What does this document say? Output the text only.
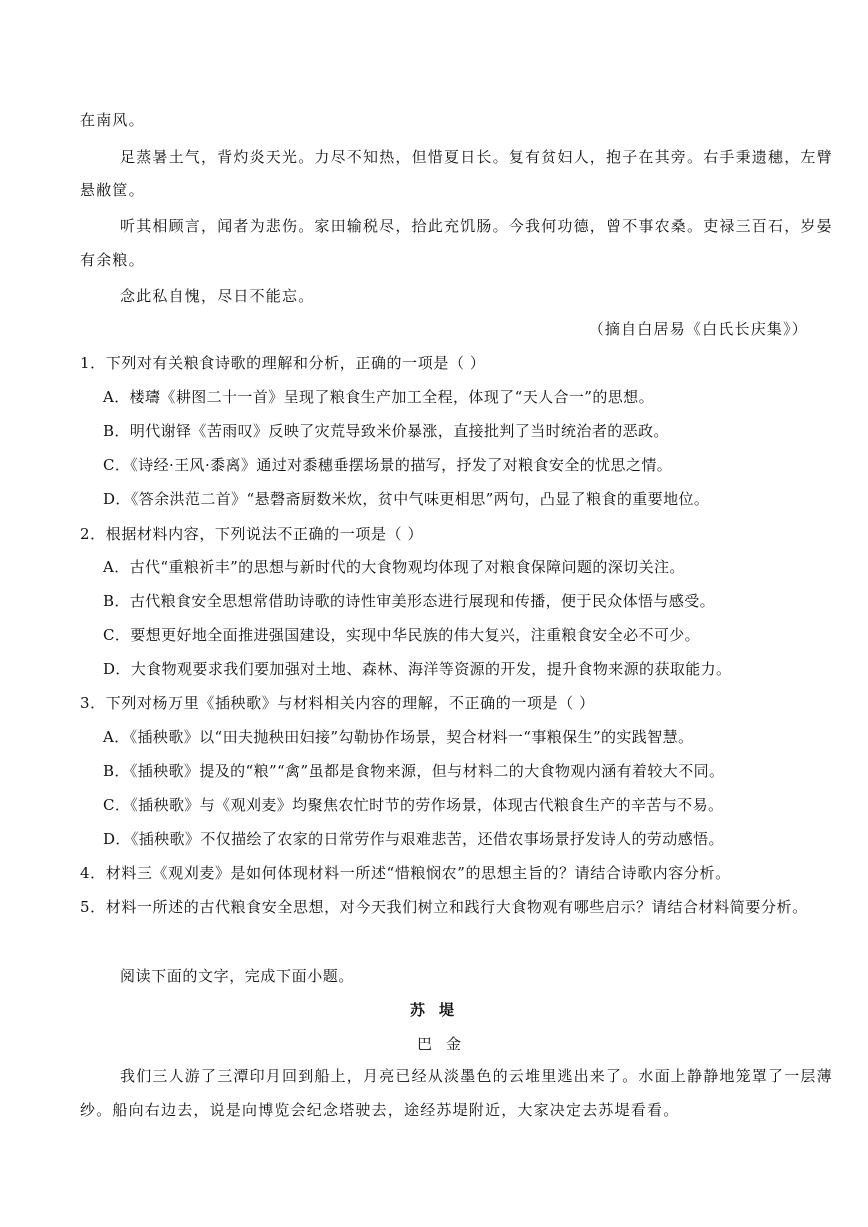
在南风。
足蒸暑土气，背灼炎天光。力尽不知热，但惜夏日长。复有贫妇人，抱子在其旁。右手秉遗穗，左臂
悬敝筐。
听其相顾言，闻者为悲伤。家田输税尽，拾此充饥肠。今我何功德，曾不事农桑。吏禄三百石，岁晏
有余粮。
念此私自愧，尽日不能忘。
（摘自白居易《白氏长庆集》）
1．下列对有关粮食诗歌的理解和分析，正确的一项是（ ）
A．楼璹《耕图二十一首》呈现了粮食生产加工全程，体现了“天人合一”的思想。
B．明代谢铎《苦雨叹》反映了灾荒导致米价暴涨，直接批判了当时统治者的恶政。
C．《诗经·王风·黍离》通过对黍穗垂摆场景的描写，抒发了对粮食安全的忧思之情。
D．《答余洪范二首》“悬磬斋厨数米炊，贫中气味更相思”两句，凸显了粮食的重要地位。
2．根据材料内容，下列说法不正确的一项是（ ）
A．古代“重粮祈丰”的思想与新时代的大食物观均体现了对粮食保障问题的深切关注。
B．古代粮食安全思想常借助诗歌的诗性审美形态进行展现和传播，便于民众体悟与感受。
C．要想更好地全面推进强国建设，实现中华民族的伟大复兴，注重粮食安全必不可少。
D．大食物观要求我们要加强对土地、森林、海洋等资源的开发，提升食物来源的获取能力。
3．下列对杨万里《插秧歌》与材料相关内容的理解，不正确的一项是（ ）
A．《插秧歌》以“田夫抛秧田妇接”勾勒协作场景，契合材料一“事粮保生”的实践智慧。
B．《插秧歌》提及的“粮”“禽”虽都是食物来源，但与材料二的大食物观内涵有着较大不同。
C．《插秧歌》与《观刈麦》均聚焦农忙时节的劳作场景，体现古代粮食生产的辛苦与不易。
D．《插秧歌》不仅描绘了农家的日常劳作与艰难悲苦，还借农事场景抒发诗人的劳动感悟。
4．材料三《观刈麦》是如何体现材料一所述“惜粮悯农”的思想主旨的？请结合诗歌内容分析。
5．材料一所述的古代粮食安全思想，对今天我们树立和践行大食物观有哪些启示？请结合材料简要分析。
阅读下面的文字，完成下面小题。
苏堤
巴金
我们三人游了三潭印月回到船上，月亮已经从淡墨色的云堆里逃出来了。水面上静静地笼罩了一层薄
纱。船向右边去，说是向博览会纪念塔驶去，途经苏堤附近，大家决定去苏堤看看。
